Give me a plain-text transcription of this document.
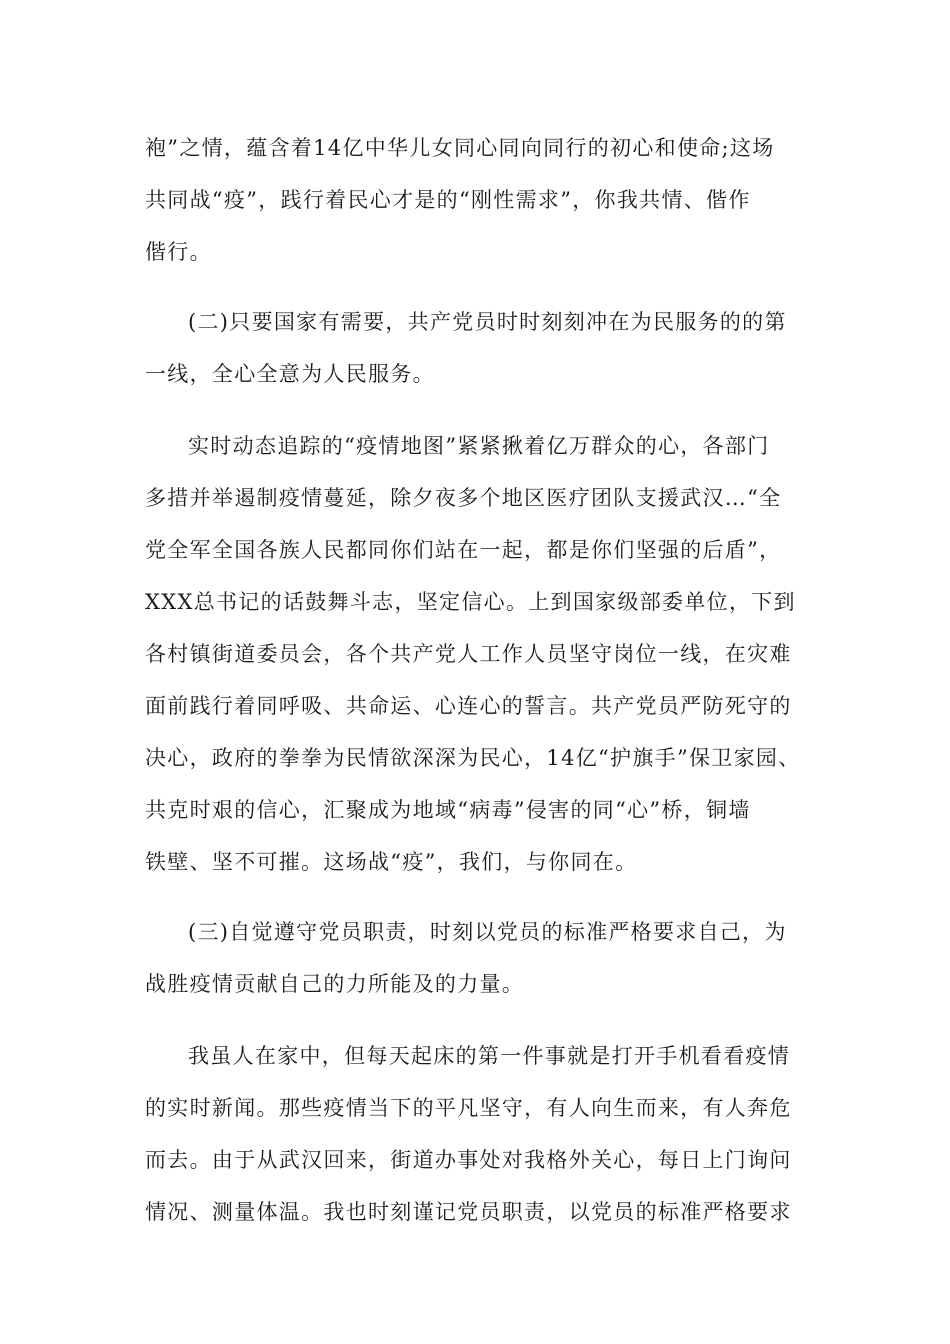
袍”之情，蕴含着14亿中华儿女同心同向同行的初心和使命;这场
共同战“疫”，践行着民心才是的“刚性需求”，你我共情、偕作
偕行。
(二)只要国家有需要，共产党员时时刻刻冲在为民服务的的第
一线，全心全意为人民服务。
实时动态追踪的“疫情地图”紧紧揪着亿万群众的心，各部门
多措并举遏制疫情蔓延，除夕夜多个地区医疗团队支援武汉…“全
党全军全国各族人民都同你们站在一起，都是你们坚强的后盾”，
XXX总书记的话鼓舞斗志，坚定信心。上到国家级部委单位，下到
各村镇街道委员会，各个共产党人工作人员坚守岗位一线，在灾难
面前践行着同呼吸、共命运、心连心的誓言。共产党员严防死守的
决心，政府的拳拳为民情欲深深为民心，14亿“护旗手”保卫家园、
共克时艰的信心，汇聚成为地域“病毒”侵害的同“心”桥，铜墙
铁壁、坚不可摧。这场战“疫”，我们，与你同在。
(三)自觉遵守党员职责，时刻以党员的标准严格要求自己，为
战胜疫情贡献自己的力所能及的力量。
我虽人在家中，但每天起床的第一件事就是打开手机看看疫情
的实时新闻。那些疫情当下的平凡坚守，有人向生而来，有人奔危
而去。由于从武汉回来，街道办事处对我格外关心，每日上门询问
情况、测量体温。我也时刻谨记党员职责，以党员的标准严格要求
